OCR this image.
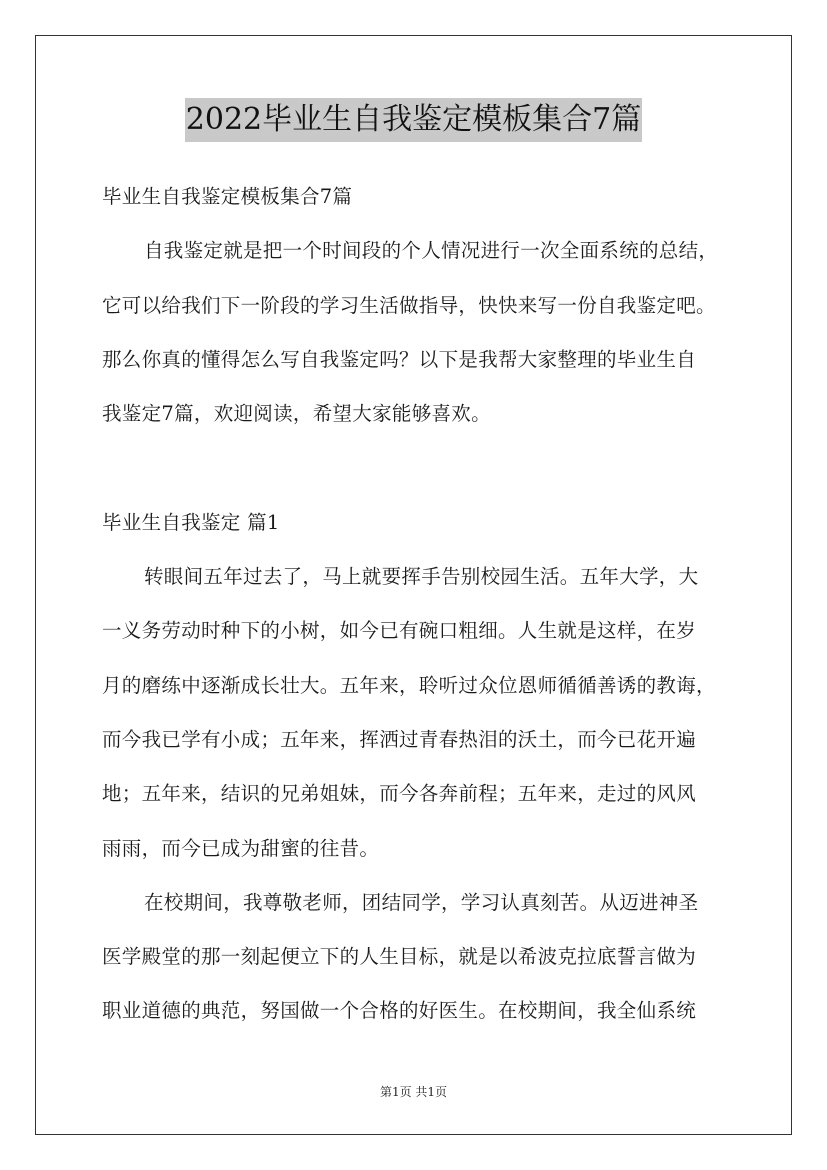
2022毕业生自我鉴定模板集合7篇
毕业生自我鉴定模板集合7篇
自我鉴定就是把一个时间段的个人情况进行一次全面系统的总结，
它可以给我们下一阶段的学习生活做指导，快快来写一份自我鉴定吧。
那么你真的懂得怎么写自我鉴定吗？以下是我帮大家整理的毕业生自
我鉴定7篇，欢迎阅读，希望大家能够喜欢。
毕业生自我鉴定 篇1
转眼间五年过去了，马上就要挥手告别校园生活。五年大学，大
一义务劳动时种下的小树，如今已有碗口粗细。人生就是这样，在岁
月的磨练中逐渐成长壮大。五年来，聆听过众位恩师循循善诱的教诲，
而今我已学有小成；五年来，挥洒过青春热泪的沃土，而今已花开遍
地；五年来，结识的兄弟姐妹，而今各奔前程；五年来，走过的风风
雨雨，而今已成为甜蜜的往昔。
在校期间，我尊敬老师，团结同学，学习认真刻苦。从迈进神圣
医学殿堂的那一刻起便立下的人生目标，就是以希波克拉底誓言做为
职业道德的典范，努国做一个合格的好医生。在校期间，我全仙系统
第1页 共1页
